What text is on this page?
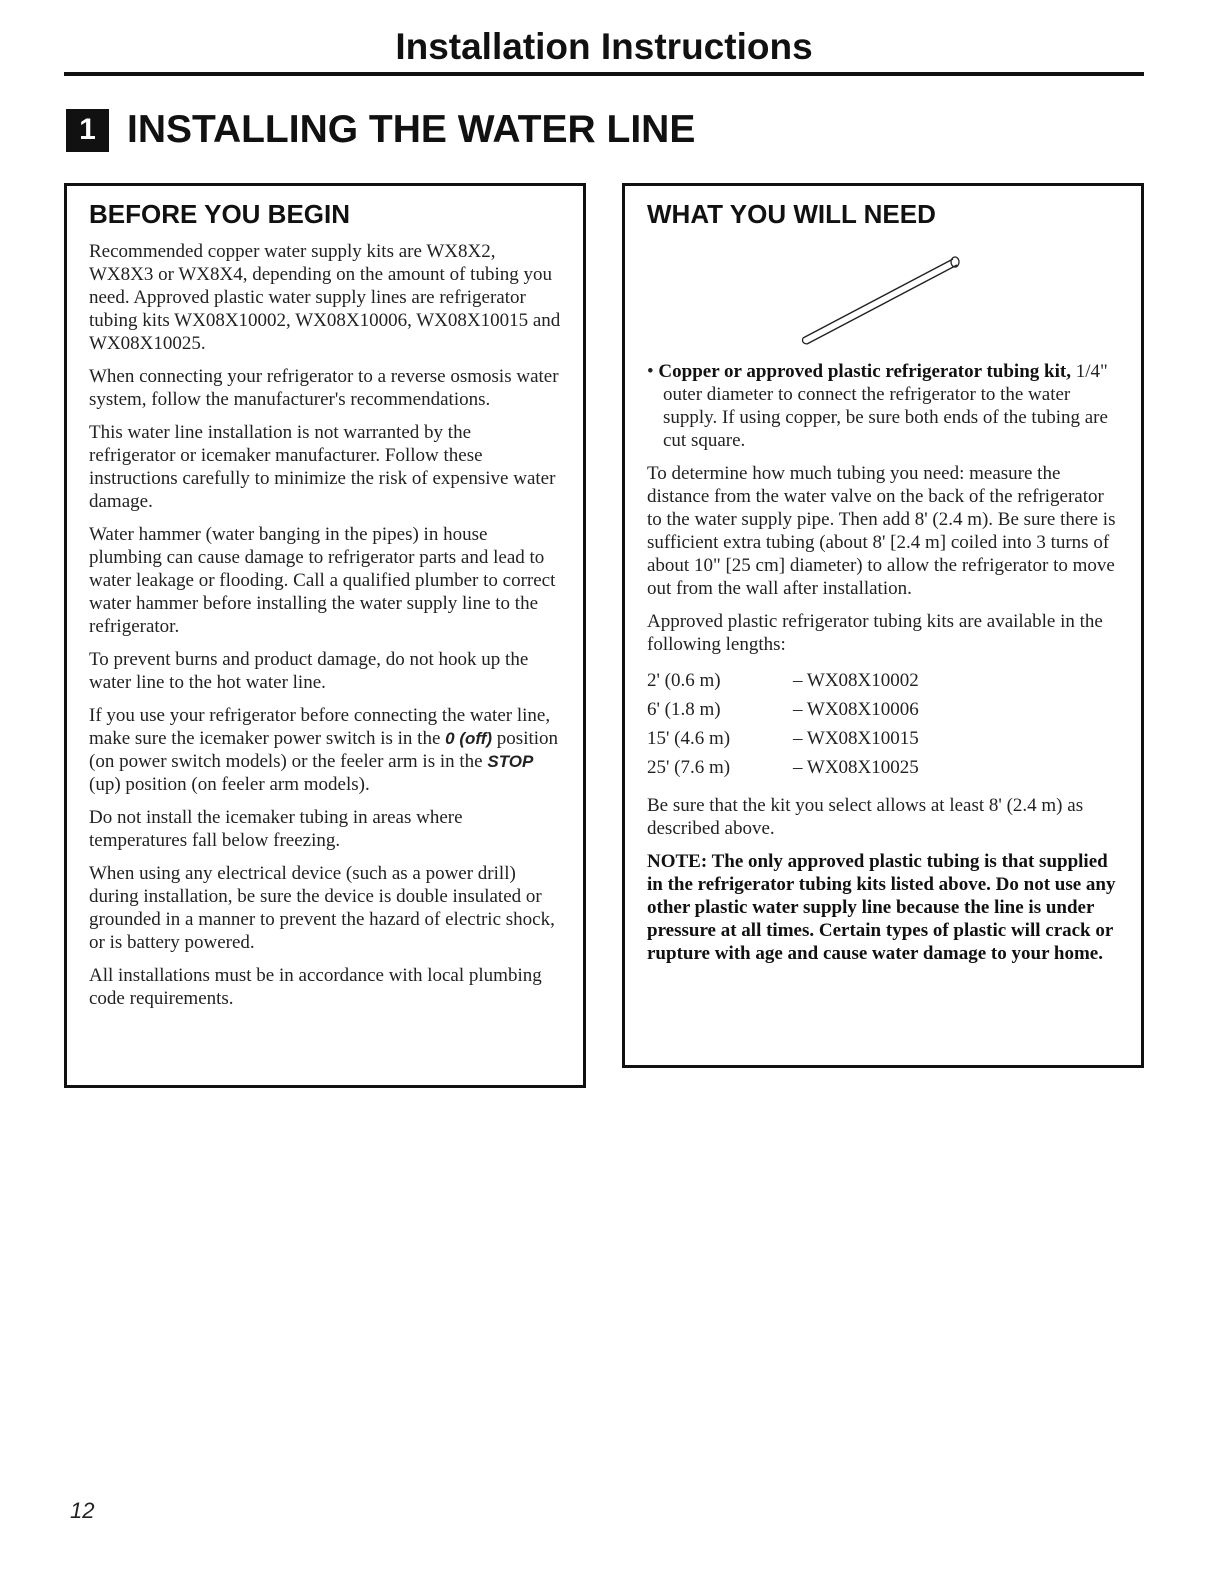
Installation Instructions
1 INSTALLING THE WATER LINE
BEFORE YOU BEGIN

Recommended copper water supply kits are WX8X2, WX8X3 or WX8X4, depending on the amount of tubing you need. Approved plastic water supply lines are refrigerator tubing kits WX08X10002, WX08X10006, WX08X10015 and WX08X10025.

When connecting your refrigerator to a reverse osmosis water system, follow the manufacturer's recommendations.

This water line installation is not warranted by the refrigerator or icemaker manufacturer. Follow these instructions carefully to minimize the risk of expensive water damage.

Water hammer (water banging in the pipes) in house plumbing can cause damage to refrigerator parts and lead to water leakage or flooding. Call a qualified plumber to correct water hammer before installing the water supply line to the refrigerator.

To prevent burns and product damage, do not hook up the water line to the hot water line.

If you use your refrigerator before connecting the water line, make sure the icemaker power switch is in the 0 (off) position (on power switch models) or the feeler arm is in the STOP (up) position (on feeler arm models).

Do not install the icemaker tubing in areas where temperatures fall below freezing.

When using any electrical device (such as a power drill) during installation, be sure the device is double insulated or grounded in a manner to prevent the hazard of electric shock, or is battery powered.

All installations must be in accordance with local plumbing code requirements.

WHAT YOU WILL NEED

• Copper or approved plastic refrigerator tubing kit, 1/4" outer diameter to connect the refrigerator to the water supply. If using copper, be sure both ends of the tubing are cut square.

To determine how much tubing you need: measure the distance from the water valve on the back of the refrigerator to the water supply pipe. Then add 8' (2.4 m). Be sure there is sufficient extra tubing (about 8' [2.4 m] coiled into 3 turns of about 10" [25 cm] diameter) to allow the refrigerator to move out from the wall after installation.

Approved plastic refrigerator tubing kits are available in the following lengths:

2' (0.6 m)	– WX08X10002
6' (1.8 m)	– WX08X10006
15' (4.6 m)	– WX08X10015
25' (7.6 m)	– WX08X10025

Be sure that the kit you select allows at least 8' (2.4 m) as described above.

NOTE: The only approved plastic tubing is that supplied in the refrigerator tubing kits listed above. Do not use any other plastic water supply line because the line is under pressure at all times. Certain types of plastic will crack or rupture with age and cause water damage to your home.

12
